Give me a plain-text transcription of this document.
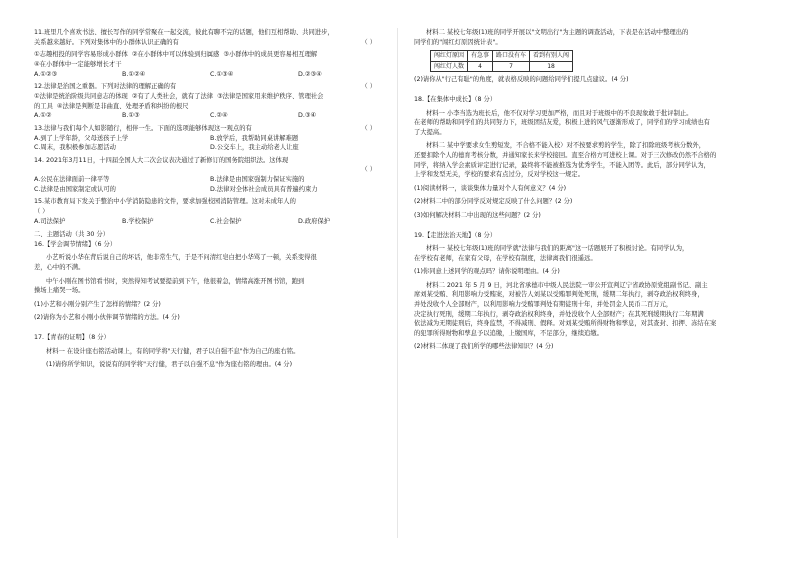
11.班里几个喜欢书法、擅长写作的同学常聚在一起交流，彼此有聊不完的话题，他们互相帮助、共同进步，

关系越来越好。下列对集体中的小群体认识正确的有	（ ）

①志趣相投的同学容易形成小群体 ②在小群体中可以体验到归属感 ③小群体中的成员更容易相互理解

④在小群体中一定能够增长才干

A.①②③	B.①②④	C.①③④	D.②③④

12.法律是治国之重器。下列对法律的理解正确的有	（ ）

①法律是统治阶级共同意志的体现 ②有了人类社会，就有了法律 ③法律是国家用来维护秩序、管理社会

的工具 ④法律是判断是非曲直、处理矛盾和纠纷的根尺

A.①②	B.①③	C.②④	D.③④

13.法律与我们每个人如影随行，相伴一生。下面的选项能够体现这一观点的有	（ ）

A.到了上学年龄，父母送孩子上学	B.放学后，我帮助同桌讲解难题
C.周末，我积极参加志愿活动	D.公交车上，我主动给老人让座

14. 2021年3月11日，十四届全国人大二次会议表决通过了新修订的国务院组织法。这体现

（ ）

A.公民在法律面前一律平等	B.法律是由国家强制力保证实施的
C.法律是由国家制定或认可的	D.法律对全体社会成员具有普遍约束力

15.某市教育局下发关于整治中小学消防隐患的文件，要求加强校园消防管理。这对未成年人的

（ ）

A.司法保护	B.学校保护	C.社会保护	D.政府保护

二、主题活动（共 30 分）

16.【学会调节情绪】（6 分）

小艺听说小华在背后说自己的坏话，他非常生气，于是不问清红皂白把小华骂了一顿，关系变得很

差，心中的不满。

中午小刚在图书馆看书时，突然得知考试要提前到下午，他很着急，情绪高涨开图书馆，跑到

操场上痛哭一场。

(1)小艺和小刚分别产生了怎样的情绪？(2 分)

(2)请你为小艺和小刚小伙伴调节情绪的方法。(4 分)

17.【青春的证明】（8 分）

材料一 在设计座右铭活动课上，有的同学将"天行健，君子以自强不息"作为自己的座右铭。

(1)请你所学知识，说说有的同学将"天行健，君子以自强不息"作为座右铭的理由。(4 分)

材料二 某校七年级(1)班的同学开展以"文明出行"为主题的调查活动，下表是在活动中整理出的

同学们的"闯红灯原因统计表"。

闯红灯原因	有急事	路口没有车	看到有别人闯
闯红灯人数	4	7	18

(2)请你从"行己有耻"的角度，就表格反映的问题给同学们提几点建议。(4 分)

18.【在集体中成长】（8 分）

材料一 小李当选为班长后，他不仅对学习更加严格，而且对于班级中的不良现象敢于批评制止。

在老师的帮助和同学们的共同努力下，班级团结友爱，积极上进的风气逐渐形成了，同学们的学习成绩也有

了大提高。

材料二 某中学要求女生剪短发，不合格不能入校）对不按要求剪的学生，除了扣除班级考核分数外，

还要扣除个人的德育考核分数，并通知家长来学校接回。直至合格方可进校上课。对于三次修改仍然不合格的

同学，将纳入学会素质评定进行记录，最终将不能被推选为优秀学生，不能入团等。此后，部分同学认为，

上学和发型无关，学校的要求有点过分，反对学校这一规定。

(1)阅读材料一，谈谈集体力量对个人有何意义？(4 分)

(2)材料二中的部分同学反对规定反映了什么问题？(2 分)

(3)如何解决材料二中出现的这些问题？(2 分)

19.【走进法治天地】（8 分）

材料一 某校七年级(1)班的同学就"法律与我们的距离"这一话题展开了积极讨论。有同学认为，

在学校有老师，在家有父母，在学校有制度，法律离我们很遥远。

(1)你同意上述同学的观点吗？请你说明理由。(4 分)

材料二 2021 年 5 月 9 日，河北省承德市中级人民法院一审公开宣判辽宁省政协原党组副书记、副主

席刘某受贿、利用影响力受贿案，对被告人刘某以受贿罪判处死刑，缓期二年执行，剥夺政治权利终身，

并处没收个人全部财产，以利用影响力受贿罪判处有期徒刑十年，并处罚金人民币二百万元，

决定执行死刑，缓期二年执行，剥夺政治权利终身，并处没收个人全部财产；在其死刑缓期执行二年期满

依法减为无期徒刑后，终身监禁，不得减刑、假释。对刘某受贿所得财物和孳息，对其查封、扣押、冻结在案

的犯罪所得财物和孳息予以追缴，上缴国库，不足部分，继续追缴。

(2)材料二体现了我们所学的哪些法律知识？(4 分)
